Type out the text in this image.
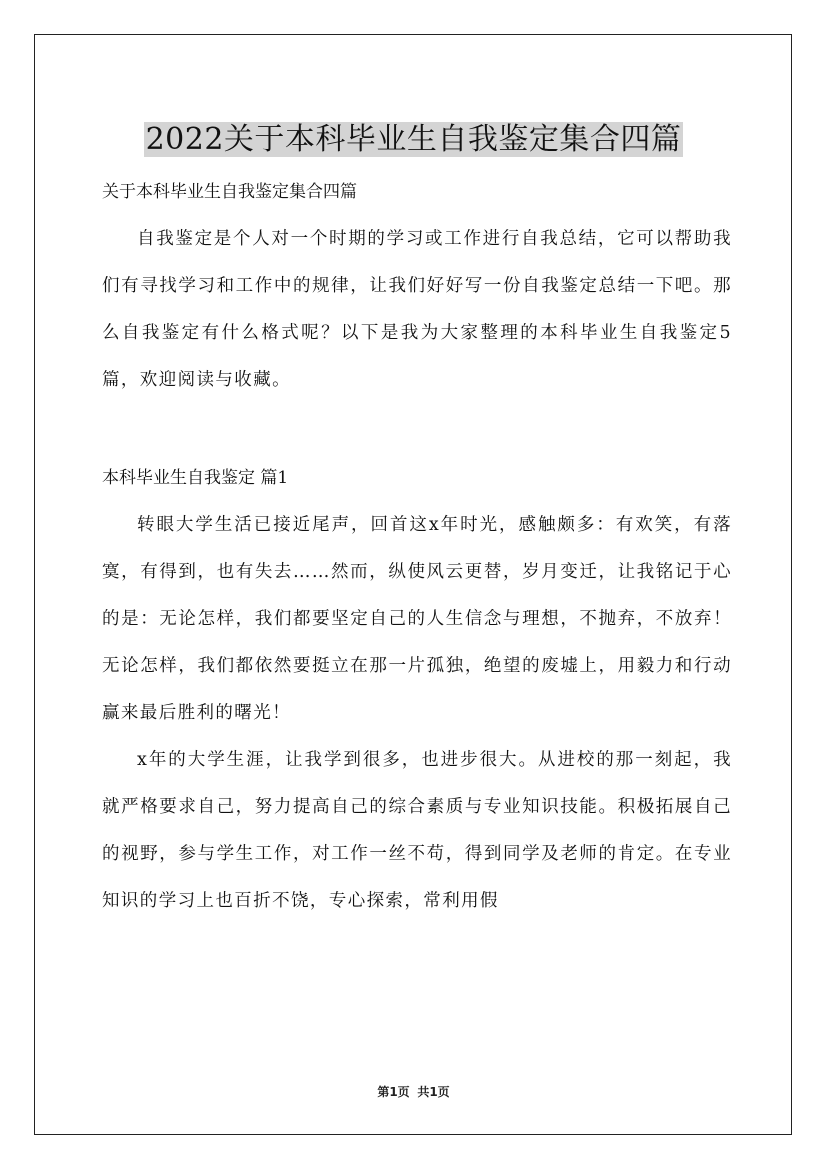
2022关于本科毕业生自我鉴定集合四篇

关于本科毕业生自我鉴定集合四篇

自我鉴定是个人对一个时期的学习或工作进行自我总结，它可以帮助我们有寻找学习和工作中的规律，让我们好好写一份自我鉴定总结一下吧。那么自我鉴定有什么格式呢？以下是我为大家整理的本科毕业生自我鉴定5篇，欢迎阅读与收藏。

本科毕业生自我鉴定 篇1

转眼大学生活已接近尾声，回首这x年时光，感触颇多：有欢笑，有落寞，有得到，也有失去……然而，纵使风云更替，岁月变迁，让我铭记于心的是：无论怎样，我们都要坚定自己的人生信念与理想，不抛弃，不放弃！无论怎样，我们都依然要挺立在那一片孤独，绝望的废墟上，用毅力和行动赢来最后胜利的曙光！

x年的大学生涯，让我学到很多，也进步很大。从进校的那一刻起，我就严格要求自己，努力提高自己的综合素质与专业知识技能。积极拓展自己的视野，参与学生工作，对工作一丝不苟，得到同学及老师的肯定。在专业知识的学习上也百折不饶，专心探索，常利用假

第1页 共1页
